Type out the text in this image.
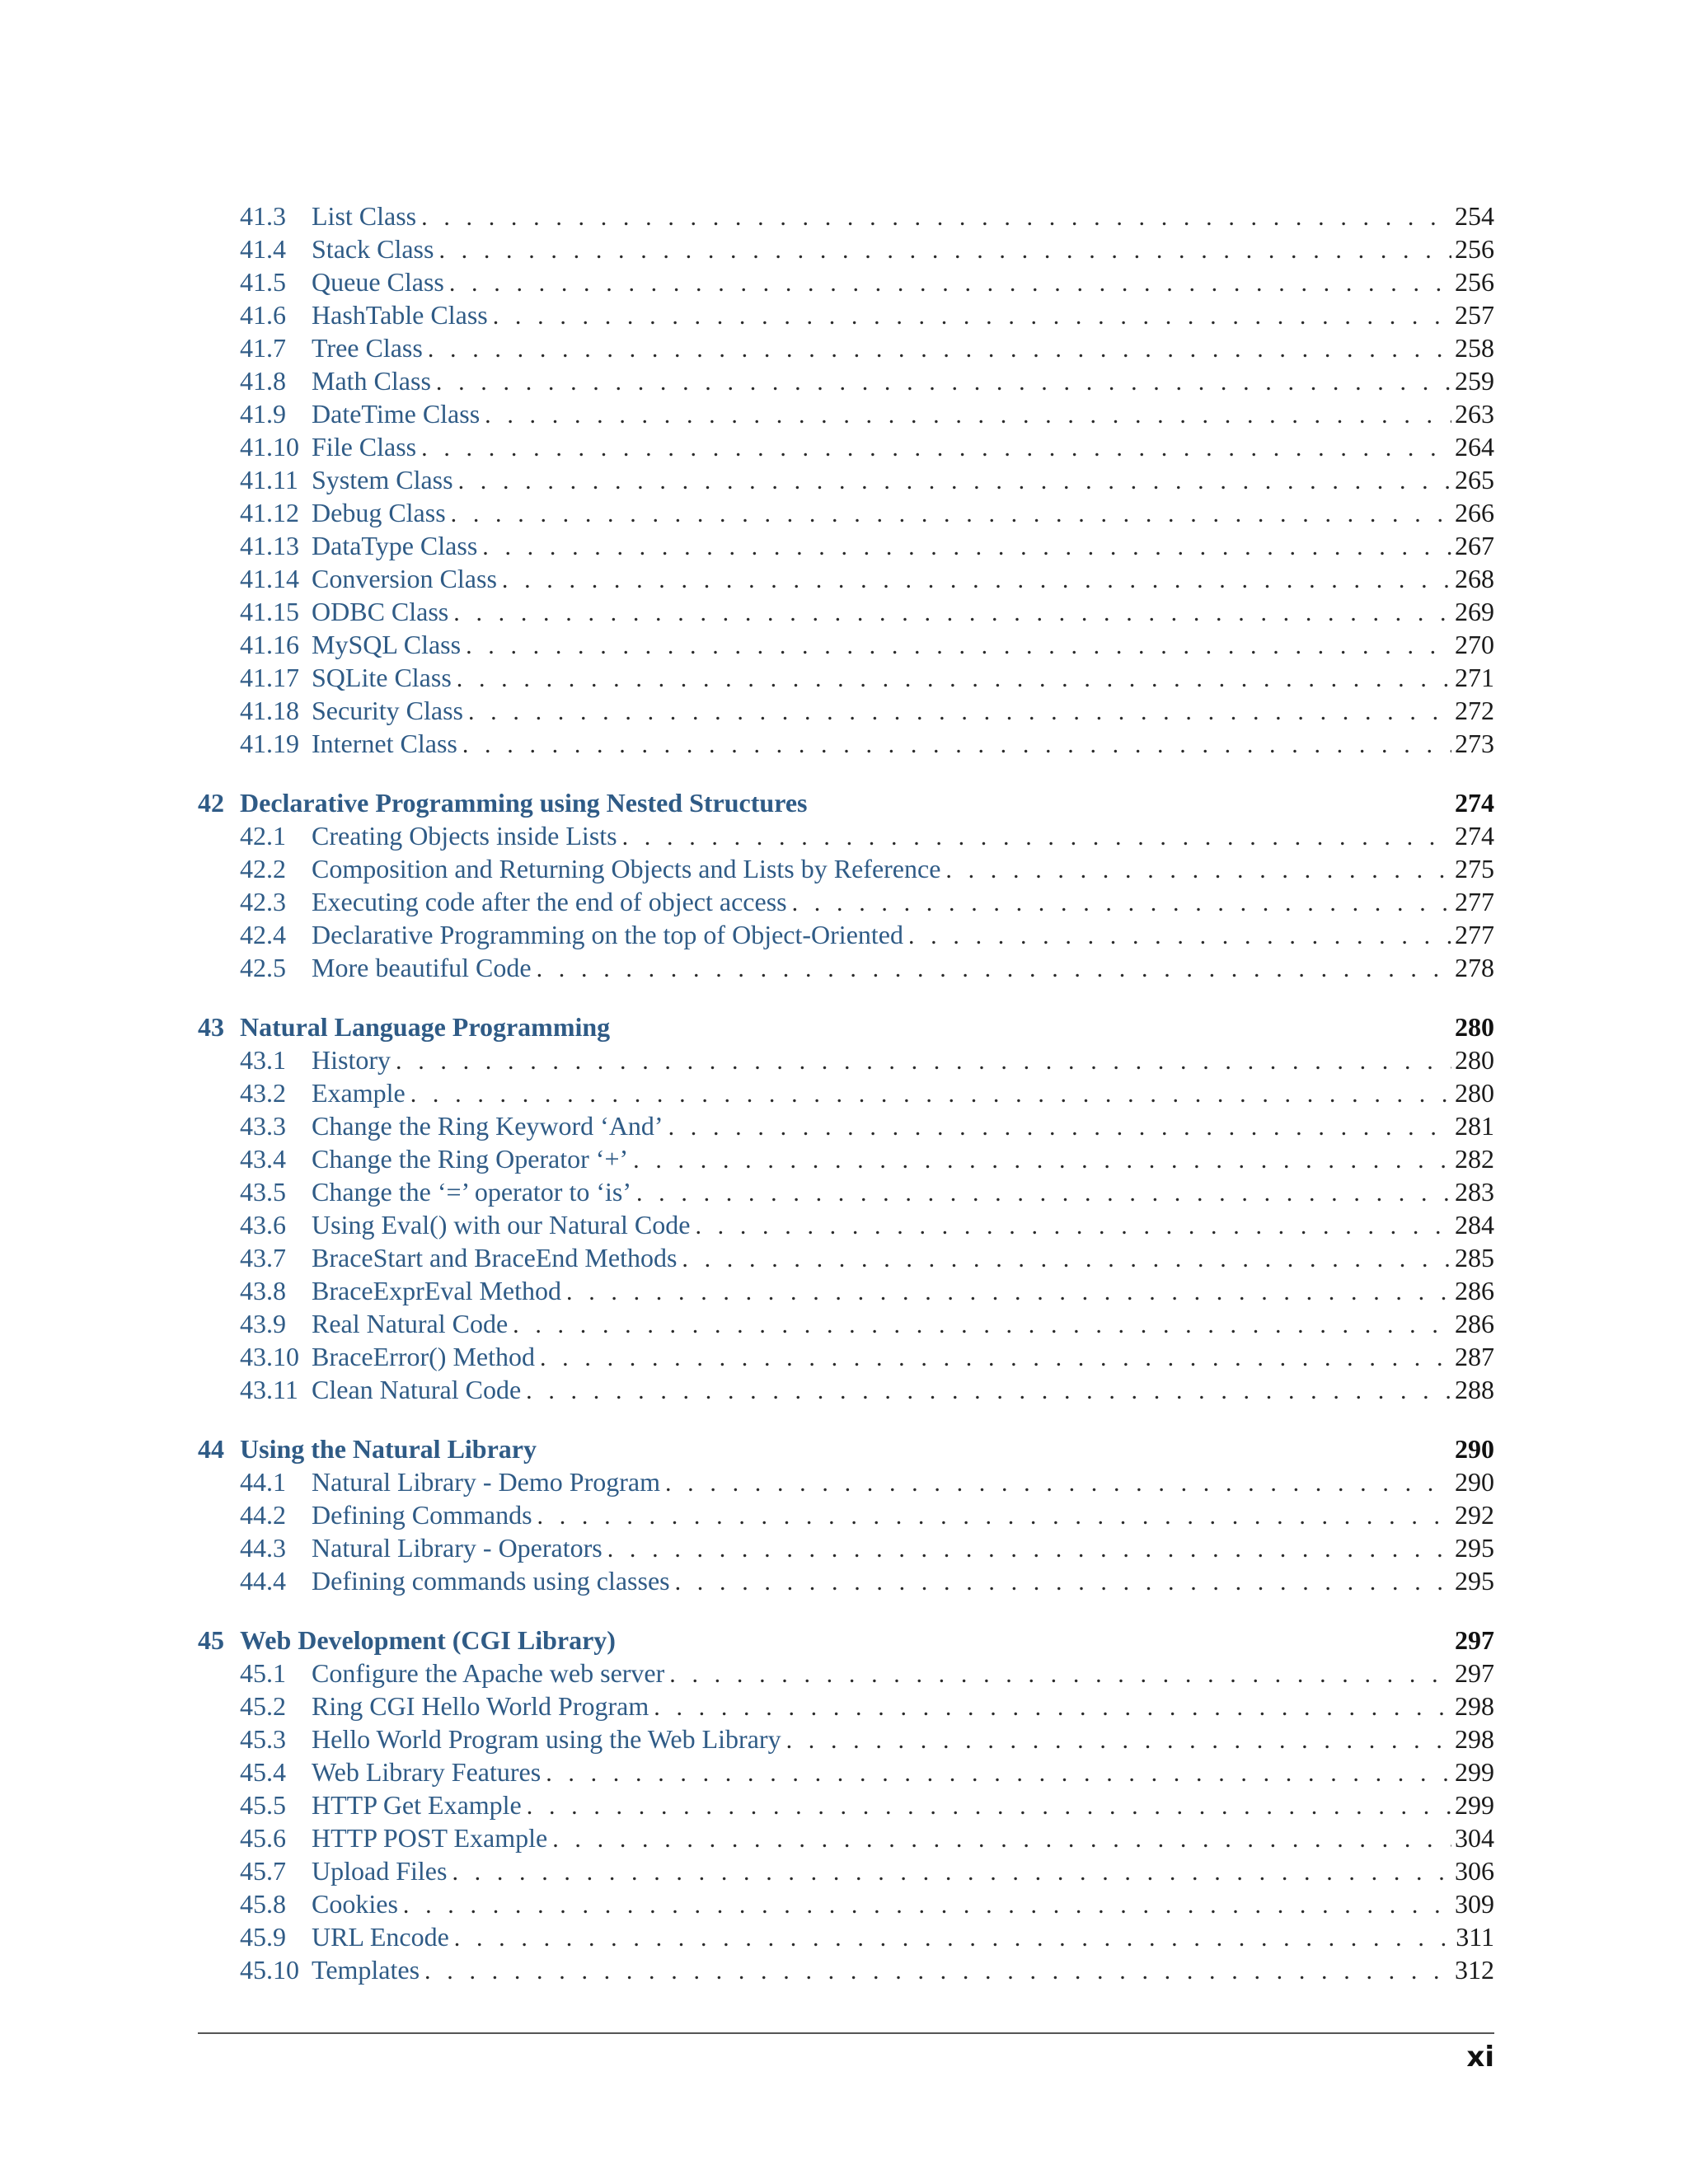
41.3 List Class . . .	254
41.4 Stack Class . . .	256
41.5 Queue Class . . .	256
41.6 HashTable Class . . .	257
41.7 Tree Class . . .	258
41.8 Math Class . . .	259
41.9 DateTime Class . . .	263
41.10 File Class . . .	264
41.11 System Class . . .	265
41.12 Debug Class . . .	266
41.13 DataType Class . . .	267
41.14 Conversion Class . . .	268
41.15 ODBC Class . . .	269
41.16 MySQL Class . . .	270
41.17 SQLite Class . . .	271
41.18 Security Class . . .	272
41.19 Internet Class . . .	273
42 Declarative Programming using Nested Structures	274
42.1 Creating Objects inside Lists . . .	274
42.2 Composition and Returning Objects and Lists by Reference . . .	275
42.3 Executing code after the end of object access . . .	277
42.4 Declarative Programming on the top of Object-Oriented . . .	277
42.5 More beautiful Code . . .	278
43 Natural Language Programming	280
43.1 History . . .	280
43.2 Example . . .	280
43.3 Change the Ring Keyword ‘And’ . . .	281
43.4 Change the Ring Operator ‘+’ . . .	282
43.5 Change the ‘=’ operator to ‘is’ . . .	283
43.6 Using Eval() with our Natural Code . . .	284
43.7 BraceStart and BraceEnd Methods . . .	285
43.8 BraceExprEval Method . . .	286
43.9 Real Natural Code . . .	286
43.10 BraceError() Method . . .	287
43.11 Clean Natural Code . . .	288
44 Using the Natural Library	290
44.1 Natural Library - Demo Program . . .	290
44.2 Defining Commands . . .	292
44.3 Natural Library - Operators . . .	295
44.4 Defining commands using classes . . .	295
45 Web Development (CGI Library)	297
45.1 Configure the Apache web server . . .	297
45.2 Ring CGI Hello World Program . . .	298
45.3 Hello World Program using the Web Library . . .	298
45.4 Web Library Features . . .	299
45.5 HTTP Get Example . . .	299
45.6 HTTP POST Example . . .	304
45.7 Upload Files . . .	306
45.8 Cookies . . .	309
45.9 URL Encode . . .	311
45.10 Templates . . .	312
xi
